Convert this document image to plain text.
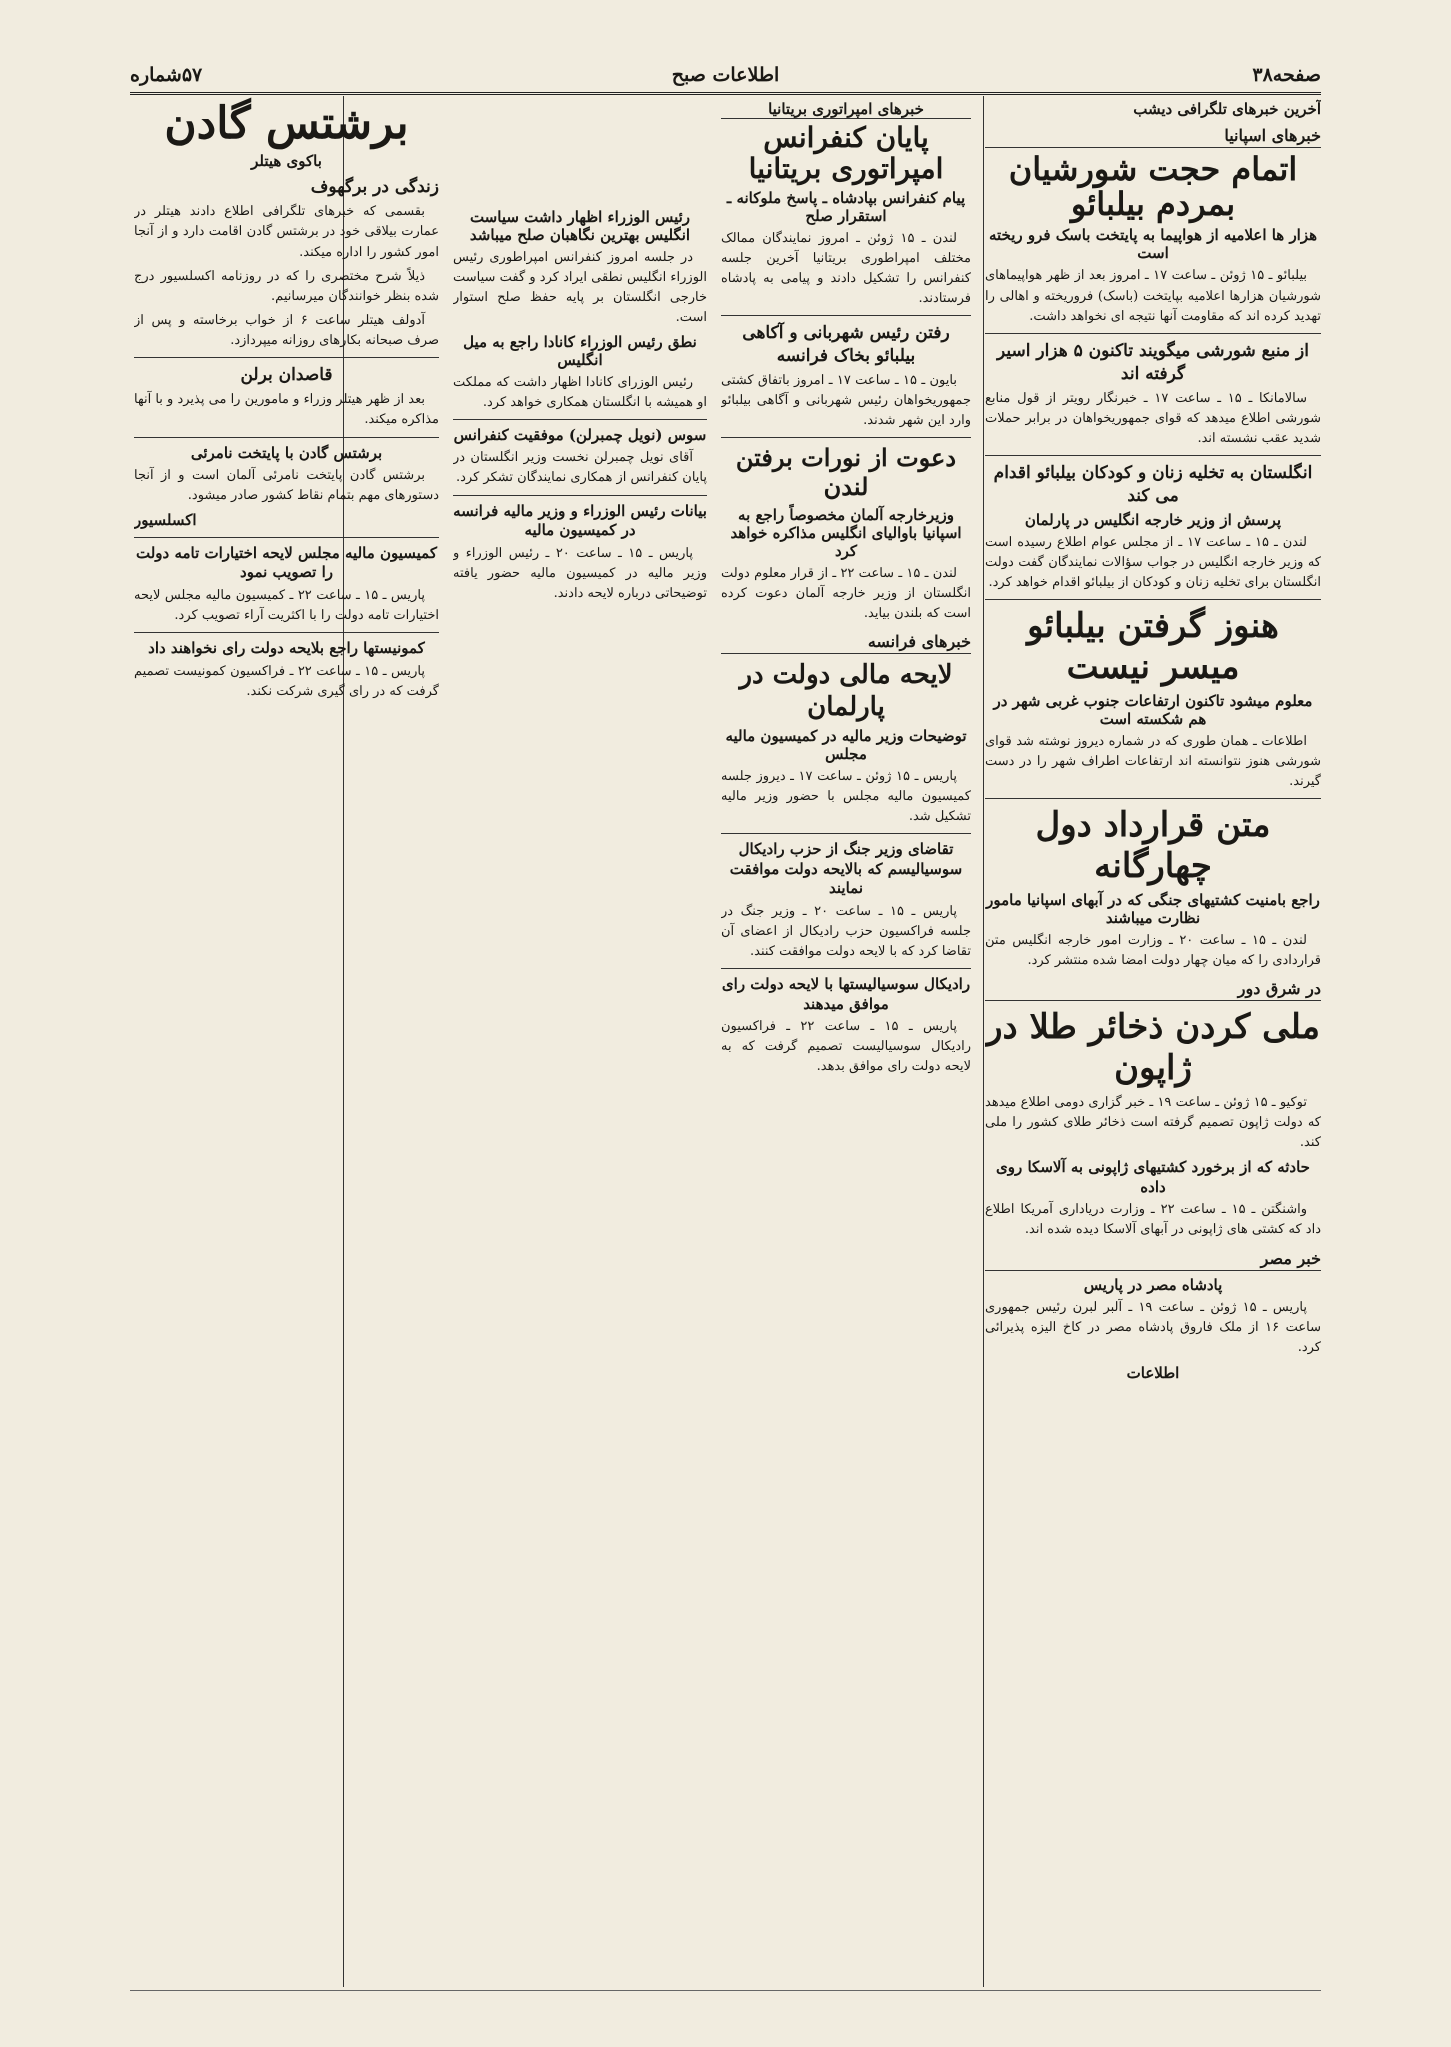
صفحه۳۸
اطلاعات صبح
۵۷شماره
آخرین خبرهای تلگرافی دیشب
خبرهای اسپانیا
اتمام حجت شورشیان بمردم بیلبائو
هزار ها اعلامیه از هواپیما به پایتخت باسک فرو ریخته است

بیلبائو ـ ۱۵ ژوئن ـ ساعت ۱۷ ـ امروز بعد از ظهر هواپیماهای شورشیان هزارها اعلامیه بپایتخت (باسک) فروریخته و اهالی را تهدید کرده اند که مقاومت آنها نتیجه ای نخواهد داشت.

از منبع شورشی میگویند تاکنون ۵ هزار اسیر گرفته اند

سالامانکا ـ ۱۵ ـ ساعت ۱۷ ـ خبرنگار رویتر از قول منابع شورشی اطلاع میدهد که قوای جمهوریخواهان در برابر حملات شدید عقب نشسته اند.

انگلستان به تخلیه زنان و کودکان بیلبائو اقدام می کند
پرسش از وزیر خارجه انگلیس در پارلمان

لندن ـ ۱۵ ـ ساعت ۱۷ ـ از مجلس عوام اطلاع رسیده است که وزیر خارجه انگلیس در جواب سؤالات نمایندگان گفت دولت انگلستان برای تخلیه زنان و کودکان از بیلبائو اقدام خواهد کرد.

هنوز گرفتن بیلبائو میسر نیست
معلوم میشود تاکنون ارتفاعات جنوب غربی شهر در هم شکسته است

اطلاعات ـ همان طوری که در شماره دیروز نوشته شد قوای شورشی هنوز نتوانسته اند ارتفاعات اطراف شهر را در دست گیرند.

متن قرارداد دول چهارگانه
راجع بامنیت کشتیهای جنگی که در آبهای اسپانیا مامور نظارت میباشند

لندن ـ ۱۵ ـ ساعت ۲۰ ـ وزارت امور خارجه انگلیس متن قراردادی را که میان چهار دولت امضا شده منتشر کرد.

در شرق دور
ملی کردن ذخائر طلا در ژاپون

توکیو ـ ۱۵ ژوئن ـ ساعت ۱۹ ـ خبر گزاری دومی اطلاع میدهد که دولت ژاپون تصمیم گرفته است ذخائر طلای کشور را ملی کند.

حادثه که از برخورد کشتیهای ژاپونی به آلاسکا روی داده

واشنگتن ـ ۱۵ ـ ساعت ۲۲ ـ وزارت دریاداری آمریکا اطلاع داد که کشتی های ژاپونی در آبهای آلاسکا دیده شده اند.

خبر مصر
پادشاه مصر در پاریس

پاریس ـ ۱۵ ژوئن ـ ساعت ۱۹ ـ آلبر لبرن رئیس جمهوری ساعت ۱۶ از ملک فاروق پادشاه مصر در کاخ الیزه پذیرائی کرد.

اطلاعات
خبرهای امپراتوری بریتانیا
پایان کنفرانس امپراتوری بریتانیا
پیام کنفرانس بپادشاه ـ پاسخ ملوکانه ـ استقرار صلح

لندن ـ ۱۵ ژوئن ـ امروز نمایندگان ممالک مختلف امپراطوری بریتانیا آخرین جلسه کنفرانس را تشکیل دادند و پیامی به پادشاه فرستادند.

رفتن رئیس شهربانی و آکاهی بیلبائو بخاک فرانسه

بایون ـ ۱۵ ـ ساعت ۱۷ ـ امروز باتفاق کشتی جمهوریخواهان رئیس شهربانی و آگاهی بیلبائو وارد این شهر شدند.

دعوت از نورات برفتن لندن
وزیرخارجه آلمان مخصوصاً راجع به اسپانیا باوالیای انگلیس مذاکره خواهد کرد

لندن ـ ۱۵ ـ ساعت ۲۲ ـ از قرار معلوم دولت انگلستان از وزیر خارجه آلمان دعوت کرده است که بلندن بیاید.

خبرهای فرانسه
لایحه مالی دولت در پارلمان
توضیحات وزیر مالیه در کمیسیون مالیه مجلس

پاریس ـ ۱۵ ژوئن ـ ساعت ۱۷ ـ دیروز جلسه کمیسیون مالیه مجلس با حضور وزیر مالیه تشکیل شد.

تقاضای وزیر جنگ از حزب رادیکال سوسیالیسم که بالایحه دولت موافقت نمایند

پاریس ـ ۱۵ ـ ساعت ۲۰ ـ وزیر جنگ در جلسه فراکسیون حزب رادیکال از اعضای آن تقاضا کرد که با لایحه دولت موافقت کنند.

رادیکال سوسیالیستها با لایحه دولت رای موافق میدهند

پاریس ـ ۱۵ ـ ساعت ۲۲ ـ فراکسیون رادیکال سوسیالیست تصمیم گرفت که به لایحه دولت رای موافق بدهد.

رئیس الوزراء اظهار داشت سیاست انگلیس بهترین نگاهبان صلح میباشد

در جلسه امروز کنفرانس امپراطوری رئیس الوزراء انگلیس نطقی ایراد کرد و گفت سیاست خارجی انگلستان بر پایه حفظ صلح استوار است.

نطق رئیس الوزراء کانادا راجع به میل انگلیس

رئیس الوزرای کانادا اظهار داشت که مملکت او همیشه با انگلستان همکاری خواهد کرد.

سوس (نویل چمبرلن) موفقیت کنفرانس

آقای نویل چمبرلن نخست وزیر انگلستان در پایان کنفرانس از همکاری نمایندگان تشکر کرد.

بیانات رئیس الوزراء و وزیر مالیه فرانسه در کمیسیون مالیه

پاریس ـ ۱۵ ـ ساعت ۲۰ ـ رئیس الوزراء و وزیر مالیه در کمیسیون مالیه حضور یافته توضیحاتی درباره لایحه دادند.

برشتس گادن
باکوی هیتلر
زندگی در برگهوف

بقسمی که خبرهای تلگرافی اطلاع دادند هیتلر در عمارت بیلاقی خود در برشتس گادن اقامت دارد و از آنجا امور کشور را اداره میکند.

ذیلاً شرح مختصری را که در روزنامه اکسلسیور درج شده بنظر خوانندگان میرسانیم.

آدولف هیتلر ساعت ۶ از خواب برخاسته و پس از صرف صبحانه بکارهای روزانه میپردازد.

قاصدان برلن

بعد از ظهر هیتلر وزراء و مامورین را می پذیرد و با آنها مذاکره میکند.

برشتس گادن با پایتخت نامرئی

برشتس گادن پایتخت نامرئی آلمان است و از آنجا دستورهای مهم بتمام نقاط کشور صادر میشود.

اکسلسیور
کمیسیون مالیه مجلس لایحه اختیارات تامه دولت را تصویب نمود

پاریس ـ ۱۵ ـ ساعت ۲۲ ـ کمیسیون مالیه مجلس لایحه اختیارات تامه دولت را با اکثریت آراء تصویب کرد.

کمونیستها راجع بلایحه دولت رای نخواهند داد

پاریس ـ ۱۵ ـ ساعت ۲۲ ـ فراکسیون کمونیست تصمیم گرفت که در رای گیری شرکت نکند.
